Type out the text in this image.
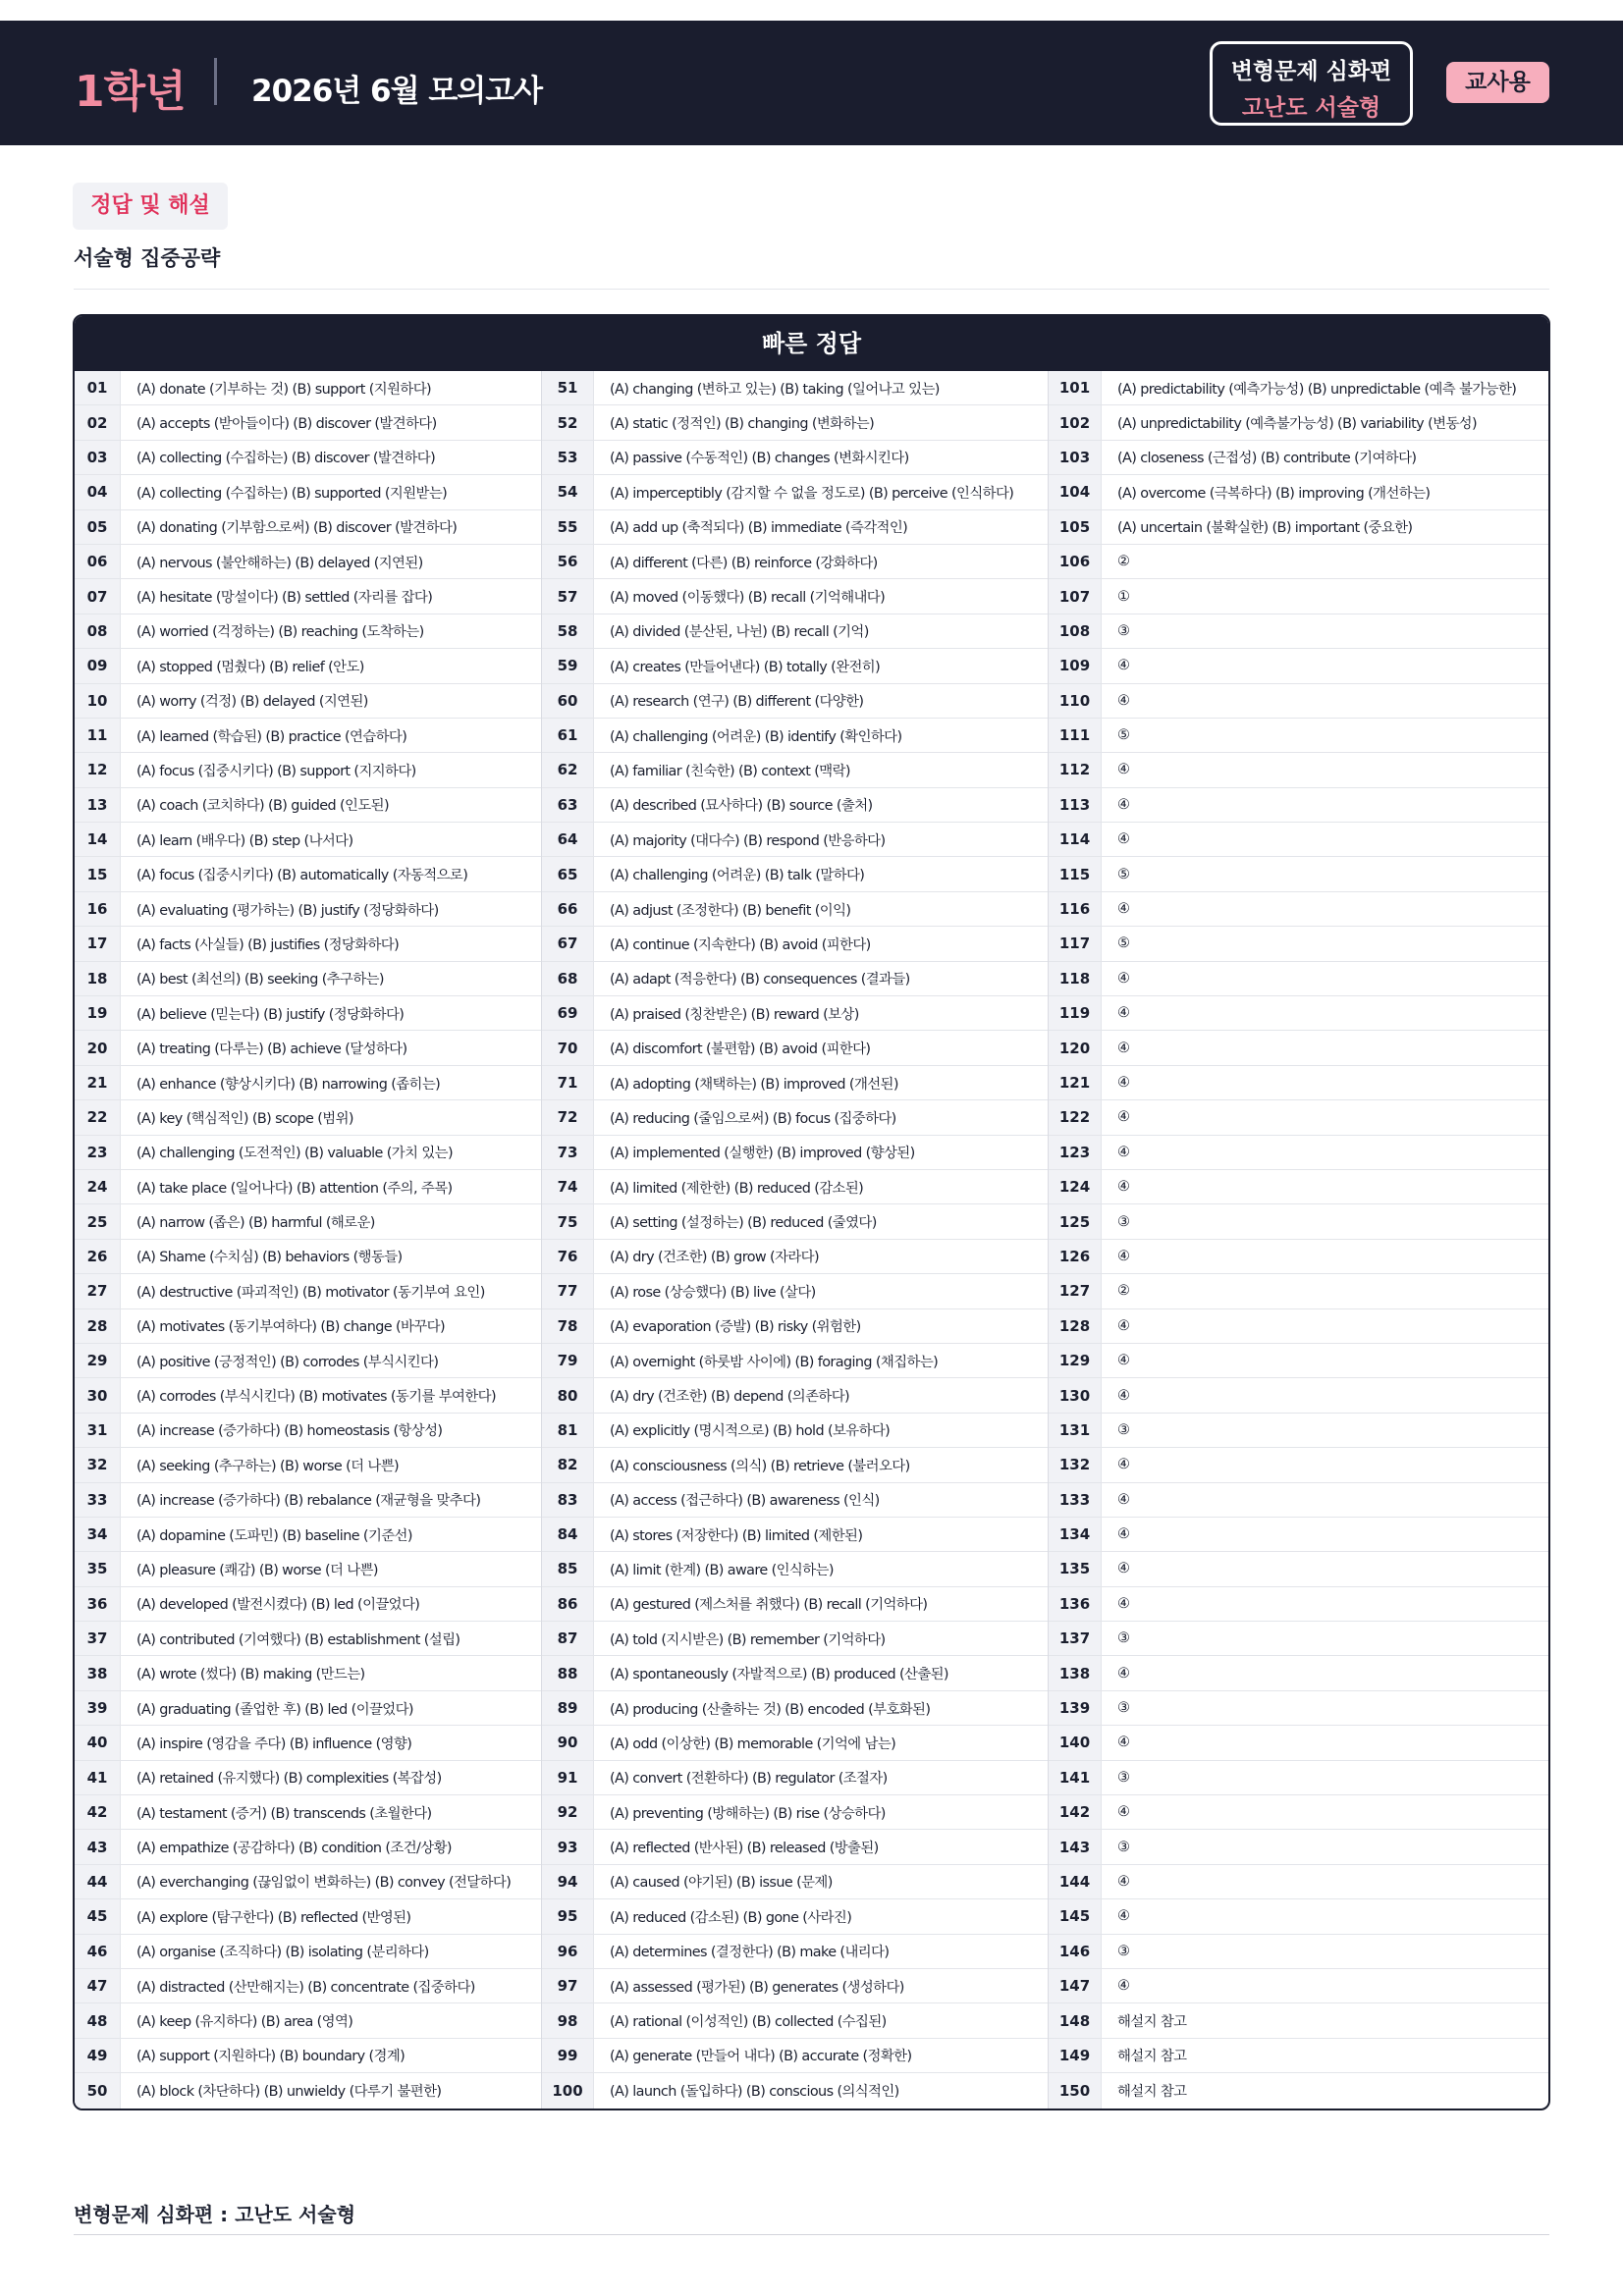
1학년 2026년 6월 모의고사
변형문제 심화편
고난도 서술형
교사용
정답 및 해설
서술형 집중공략
빠른 정답
01	(A) donate (기부하는 것) (B) support (지원하다)
02	(A) accepts (받아들이다) (B) discover (발견하다)
03	(A) collecting (수집하는) (B) discover (발견하다)
04	(A) collecting (수집하는) (B) supported (지원받는)
05	(A) donating (기부함으로써) (B) discover (발견하다)
06	(A) nervous (불안해하는) (B) delayed (지연된)
07	(A) hesitate (망설이다) (B) settled (자리를 잡다)
08	(A) worried (걱정하는) (B) reaching (도착하는)
09	(A) stopped (멈췄다) (B) relief (안도)
10	(A) worry (걱정) (B) delayed (지연된)
11	(A) learned (학습된) (B) practice (연습하다)
12	(A) focus (집중시키다) (B) support (지지하다)
13	(A) coach (코치하다) (B) guided (인도된)
14	(A) learn (배우다) (B) step (나서다)
15	(A) focus (집중시키다) (B) automatically (자동적으로)
16	(A) evaluating (평가하는) (B) justify (정당화하다)
17	(A) facts (사실들) (B) justifies (정당화하다)
18	(A) best (최선의) (B) seeking (추구하는)
19	(A) believe (믿는다) (B) justify (정당화하다)
20	(A) treating (다루는) (B) achieve (달성하다)
21	(A) enhance (향상시키다) (B) narrowing (좁히는)
22	(A) key (핵심적인) (B) scope (범위)
23	(A) challenging (도전적인) (B) valuable (가치 있는)
24	(A) take place (일어나다) (B) attention (주의, 주목)
25	(A) narrow (좁은) (B) harmful (해로운)
26	(A) Shame (수치심) (B) behaviors (행동들)
27	(A) destructive (파괴적인) (B) motivator (동기부여 요인)
28	(A) motivates (동기부여하다) (B) change (바꾸다)
29	(A) positive (긍정적인) (B) corrodes (부식시킨다)
30	(A) corrodes (부식시킨다) (B) motivates (동기를 부여한다)
31	(A) increase (증가하다) (B) homeostasis (항상성)
32	(A) seeking (추구하는) (B) worse (더 나쁜)
33	(A) increase (증가하다) (B) rebalance (재균형을 맞추다)
34	(A) dopamine (도파민) (B) baseline (기준선)
35	(A) pleasure (쾌감) (B) worse (더 나쁜)
36	(A) developed (발전시켰다) (B) led (이끌었다)
37	(A) contributed (기여했다) (B) establishment (설립)
38	(A) wrote (썼다) (B) making (만드는)
39	(A) graduating (졸업한 후) (B) led (이끌었다)
40	(A) inspire (영감을 주다) (B) influence (영향)
41	(A) retained (유지했다) (B) complexities (복잡성)
42	(A) testament (증거) (B) transcends (초월한다)
43	(A) empathize (공감하다) (B) condition (조건/상황)
44	(A) everchanging (끊임없이 변화하는) (B) convey (전달하다)
45	(A) explore (탐구한다) (B) reflected (반영된)
46	(A) organise (조직하다) (B) isolating (분리하다)
47	(A) distracted (산만해지는) (B) concentrate (집중하다)
48	(A) keep (유지하다) (B) area (영역)
49	(A) support (지원하다) (B) boundary (경계)
50	(A) block (차단하다) (B) unwieldy (다루기 불편한)
51	(A) changing (변하고 있는) (B) taking (일어나고 있는)
52	(A) static (정적인) (B) changing (변화하는)
53	(A) passive (수동적인) (B) changes (변화시킨다)
54	(A) imperceptibly (감지할 수 없을 정도로) (B) perceive (인식하다)
55	(A) add up (축적되다) (B) immediate (즉각적인)
56	(A) different (다른) (B) reinforce (강화하다)
57	(A) moved (이동했다) (B) recall (기억해내다)
58	(A) divided (분산된, 나뉜) (B) recall (기억)
59	(A) creates (만들어낸다) (B) totally (완전히)
60	(A) research (연구) (B) different (다양한)
61	(A) challenging (어려운) (B) identify (확인하다)
62	(A) familiar (친숙한) (B) context (맥락)
63	(A) described (묘사하다) (B) source (출처)
64	(A) majority (대다수) (B) respond (반응하다)
65	(A) challenging (어려운) (B) talk (말하다)
66	(A) adjust (조정한다) (B) benefit (이익)
67	(A) continue (지속한다) (B) avoid (피한다)
68	(A) adapt (적응한다) (B) consequences (결과들)
69	(A) praised (칭찬받은) (B) reward (보상)
70	(A) discomfort (불편함) (B) avoid (피한다)
71	(A) adopting (채택하는) (B) improved (개선된)
72	(A) reducing (줄임으로써) (B) focus (집중하다)
73	(A) implemented (실행한) (B) improved (향상된)
74	(A) limited (제한한) (B) reduced (감소된)
75	(A) setting (설정하는) (B) reduced (줄였다)
76	(A) dry (건조한) (B) grow (자라다)
77	(A) rose (상승했다) (B) live (살다)
78	(A) evaporation (증발) (B) risky (위험한)
79	(A) overnight (하룻밤 사이에) (B) foraging (채집하는)
80	(A) dry (건조한) (B) depend (의존하다)
81	(A) explicitly (명시적으로) (B) hold (보유하다)
82	(A) consciousness (의식) (B) retrieve (불러오다)
83	(A) access (접근하다) (B) awareness (인식)
84	(A) stores (저장한다) (B) limited (제한된)
85	(A) limit (한계) (B) aware (인식하는)
86	(A) gestured (제스처를 취했다) (B) recall (기억하다)
87	(A) told (지시받은) (B) remember (기억하다)
88	(A) spontaneously (자발적으로) (B) produced (산출된)
89	(A) producing (산출하는 것) (B) encoded (부호화된)
90	(A) odd (이상한) (B) memorable (기억에 남는)
91	(A) convert (전환하다) (B) regulator (조절자)
92	(A) preventing (방해하는) (B) rise (상승하다)
93	(A) reflected (반사된) (B) released (방출된)
94	(A) caused (야기된) (B) issue (문제)
95	(A) reduced (감소된) (B) gone (사라진)
96	(A) determines (결정한다) (B) make (내리다)
97	(A) assessed (평가된) (B) generates (생성하다)
98	(A) rational (이성적인) (B) collected (수집된)
99	(A) generate (만들어 내다) (B) accurate (정확한)
100	(A) launch (돌입하다) (B) conscious (의식적인)
101	(A) predictability (예측가능성) (B) unpredictable (예측 불가능한)
102	(A) unpredictability (예측불가능성) (B) variability (변동성)
103	(A) closeness (근접성) (B) contribute (기여하다)
104	(A) overcome (극복하다) (B) improving (개선하는)
105	(A) uncertain (불확실한) (B) important (중요한)
106	②
107	①
108	③
109	④
110	④
111	⑤
112	④
113	④
114	④
115	⑤
116	④
117	⑤
118	④
119	④
120	④
121	④
122	④
123	④
124	④
125	③
126	④
127	②
128	④
129	④
130	④
131	③
132	④
133	④
134	④
135	④
136	④
137	③
138	④
139	③
140	④
141	③
142	④
143	③
144	④
145	④
146	③
147	④
148	해설지 참고
149	해설지 참고
150	해설지 참고
변형문제 심화편 : 고난도 서술형
